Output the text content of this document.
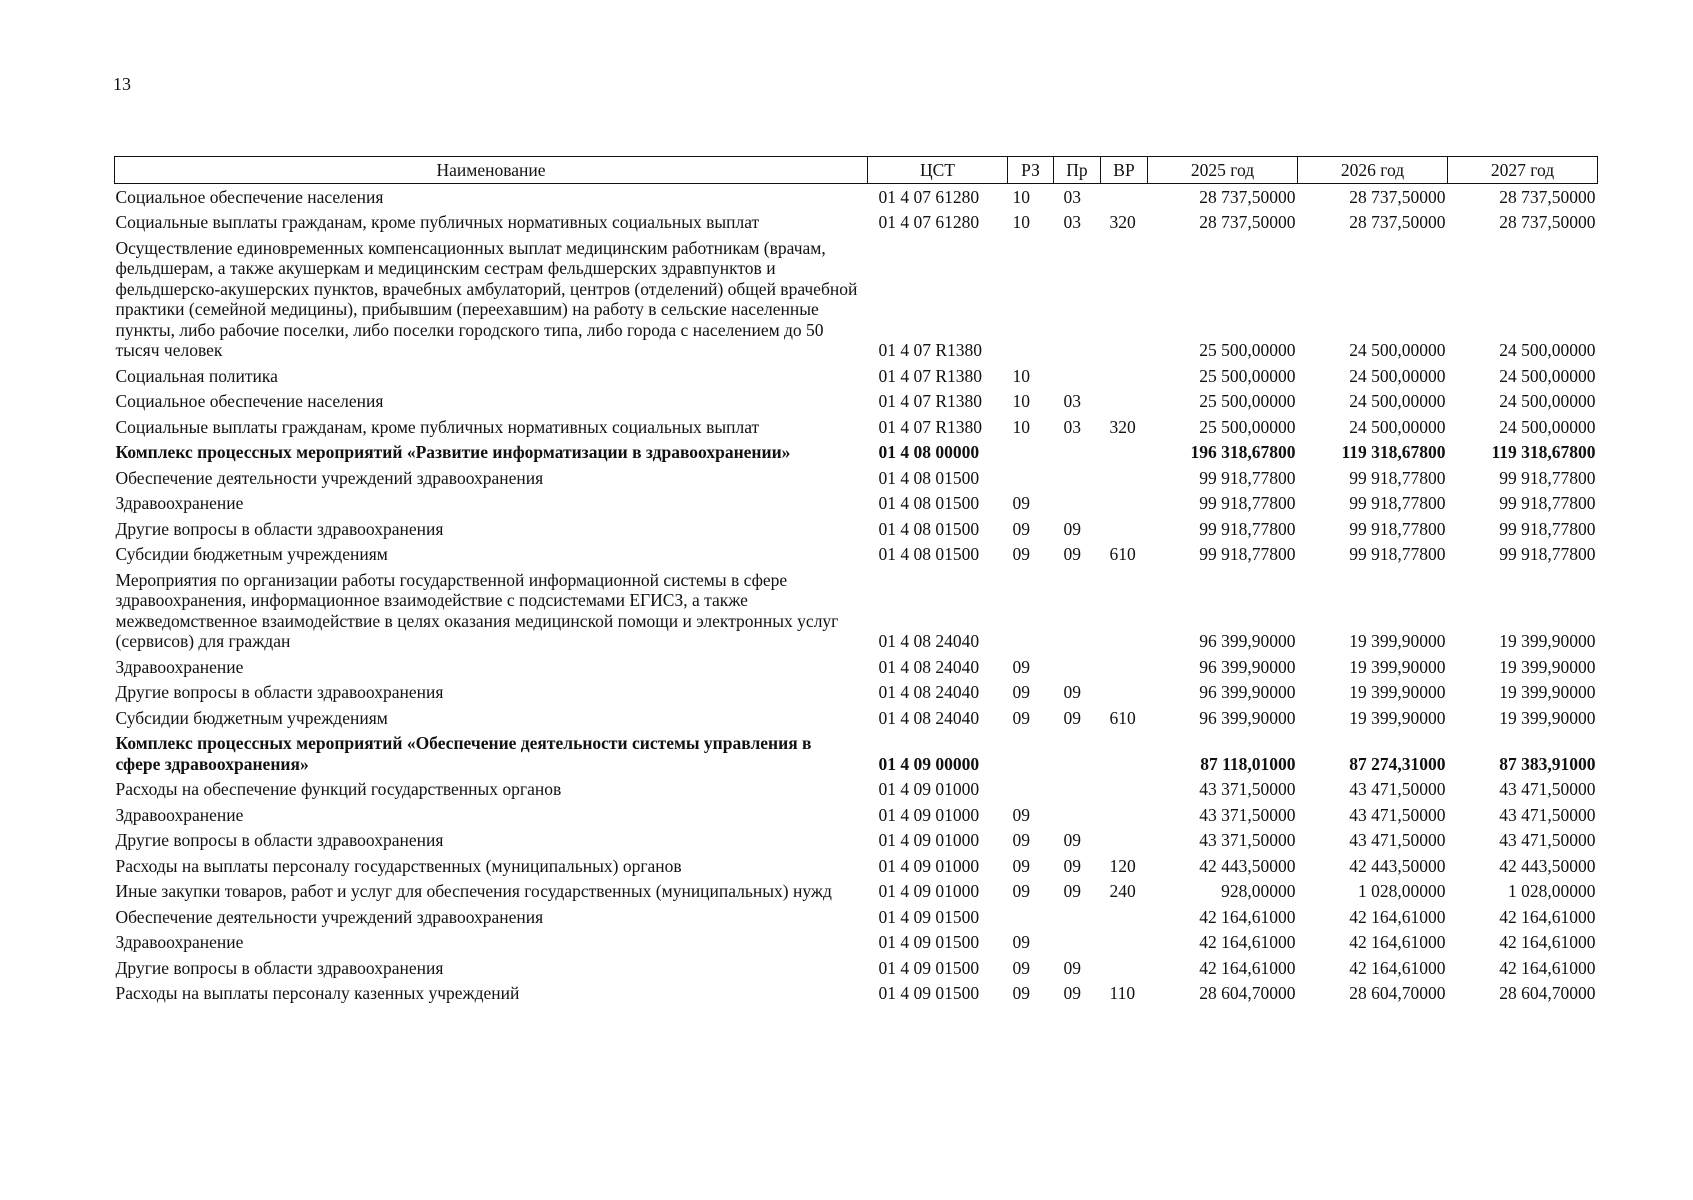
13
Наименование	ЦСТ	РЗ	Пр	ВР	2025 год	2026 год	2027 год
Социальное обеспечение населения	01 4 07 61280	10	03		28 737,50000	28 737,50000	28 737,50000
Социальные выплаты гражданам, кроме публичных нормативных социальных выплат	01 4 07 61280	10	03	320	28 737,50000	28 737,50000	28 737,50000
Осуществление единовременных компенсационных выплат медицинским работникам (врачам, фельдшерам, а также акушеркам и медицинским сестрам фельдшерских здравпунктов и фельдшерско-акушерских пунктов, врачебных амбулаторий, центров (отделений) общей врачебной практики (семейной медицины), прибывшим (переехавшим) на работу в сельские населенные пункты, либо рабочие поселки, либо поселки городского типа, либо города с населением до 50 тысяч человек	01 4 07 R1380				25 500,00000	24 500,00000	24 500,00000
Социальная политика	01 4 07 R1380	10			25 500,00000	24 500,00000	24 500,00000
Социальное обеспечение населения	01 4 07 R1380	10	03		25 500,00000	24 500,00000	24 500,00000
Социальные выплаты гражданам, кроме публичных нормативных социальных выплат	01 4 07 R1380	10	03	320	25 500,00000	24 500,00000	24 500,00000
Комплекс процессных мероприятий «Развитие информатизации в здравоохранении»	01 4 08 00000				196 318,67800	119 318,67800	119 318,67800
Обеспечение деятельности учреждений здравоохранения	01 4 08 01500				99 918,77800	99 918,77800	99 918,77800
Здравоохранение	01 4 08 01500	09			99 918,77800	99 918,77800	99 918,77800
Другие вопросы в области здравоохранения	01 4 08 01500	09	09		99 918,77800	99 918,77800	99 918,77800
Субсидии бюджетным учреждениям	01 4 08 01500	09	09	610	99 918,77800	99 918,77800	99 918,77800
Мероприятия по организации работы государственной информационной системы в сфере здравоохранения, информационное взаимодействие с подсистемами ЕГИСЗ, а также межведомственное взаимодействие в целях оказания медицинской помощи и электронных услуг (сервисов) для граждан	01 4 08 24040				96 399,90000	19 399,90000	19 399,90000
Здравоохранение	01 4 08 24040	09			96 399,90000	19 399,90000	19 399,90000
Другие вопросы в области здравоохранения	01 4 08 24040	09	09		96 399,90000	19 399,90000	19 399,90000
Субсидии бюджетным учреждениям	01 4 08 24040	09	09	610	96 399,90000	19 399,90000	19 399,90000
Комплекс процессных мероприятий «Обеспечение деятельности системы управления в сфере здравоохранения»	01 4 09 00000				87 118,01000	87 274,31000	87 383,91000
Расходы на обеспечение функций государственных органов	01 4 09 01000				43 371,50000	43 471,50000	43 471,50000
Здравоохранение	01 4 09 01000	09			43 371,50000	43 471,50000	43 471,50000
Другие вопросы в области здравоохранения	01 4 09 01000	09	09		43 371,50000	43 471,50000	43 471,50000
Расходы на выплаты персоналу государственных (муниципальных) органов	01 4 09 01000	09	09	120	42 443,50000	42 443,50000	42 443,50000
Иные закупки товаров, работ и услуг для обеспечения государственных (муниципальных) нужд	01 4 09 01000	09	09	240	928,00000	1 028,00000	1 028,00000
Обеспечение деятельности учреждений здравоохранения	01 4 09 01500				42 164,61000	42 164,61000	42 164,61000
Здравоохранение	01 4 09 01500	09			42 164,61000	42 164,61000	42 164,61000
Другие вопросы в области здравоохранения	01 4 09 01500	09	09		42 164,61000	42 164,61000	42 164,61000
Расходы на выплаты персоналу казенных учреждений	01 4 09 01500	09	09	110	28 604,70000	28 604,70000	28 604,70000
